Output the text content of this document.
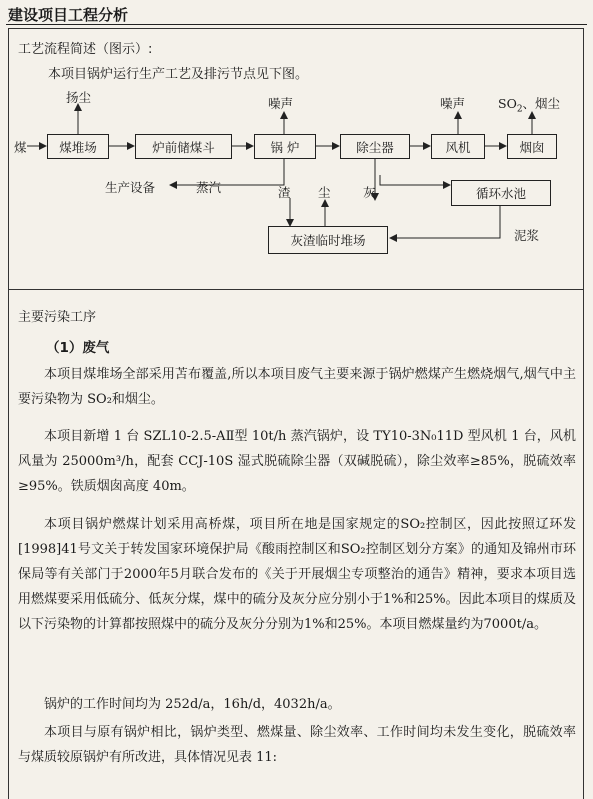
建设项目工程分析
工艺流程简述（图示）:
本项目锅炉运行生产工艺及排污节点见下图。
煤	煤堆场	炉前储煤斗	锅 炉	除尘器	风机	烟囱
循环水池
灰渣临时堆场
扬尘	噪声	噪声	$SO_2$、烟尘
生产设备	蒸汽	渣 尘	灰
泥浆
主要污染工序
（1）废气

本项目煤堆场全部采用苫布覆盖,所以本项目废气主要来源于锅炉燃煤产生燃烧烟气,烟气中主要污染物为 SO₂和烟尘。

本项目新增 1 台 SZL10-2.5-AⅡ型 10t/h 蒸汽锅炉，设 TY10-3N₀11D 型风机 1 台，风机风量为 25000m³/h，配套 CCJ-10S 湿式脱硫除尘器（双碱脱硫），除尘效率≥85%，脱硫效率≥95%。铁质烟囱高度 40m。

本项目锅炉燃煤计划采用高桥煤，项目所在地是国家规定的SO₂控制区，因此按照辽环发[1998]41号文关于转发国家环境保护局《酸雨控制区和SO₂控制区划分方案》的通知及锦州市环保局等有关部门于2000年5月联合发布的《关于开展烟尘专项整治的通告》精神，要求本项目选用燃煤要采用低硫分、低灰分煤，煤中的硫分及灰分应分别小于1%和25%。因此本项目的煤质及以下污染物的计算都按照煤中的硫分及灰分分别为1%和25%。本项目燃煤量约为7000t/a。

锅炉的工作时间均为 252d/a，16h/d，4032h/a。

本项目与原有锅炉相比，锅炉类型、燃煤量、除尘效率、工作时间均未发生变化，脱硫效率与煤质较原锅炉有所改进，具体情况见表 11:
